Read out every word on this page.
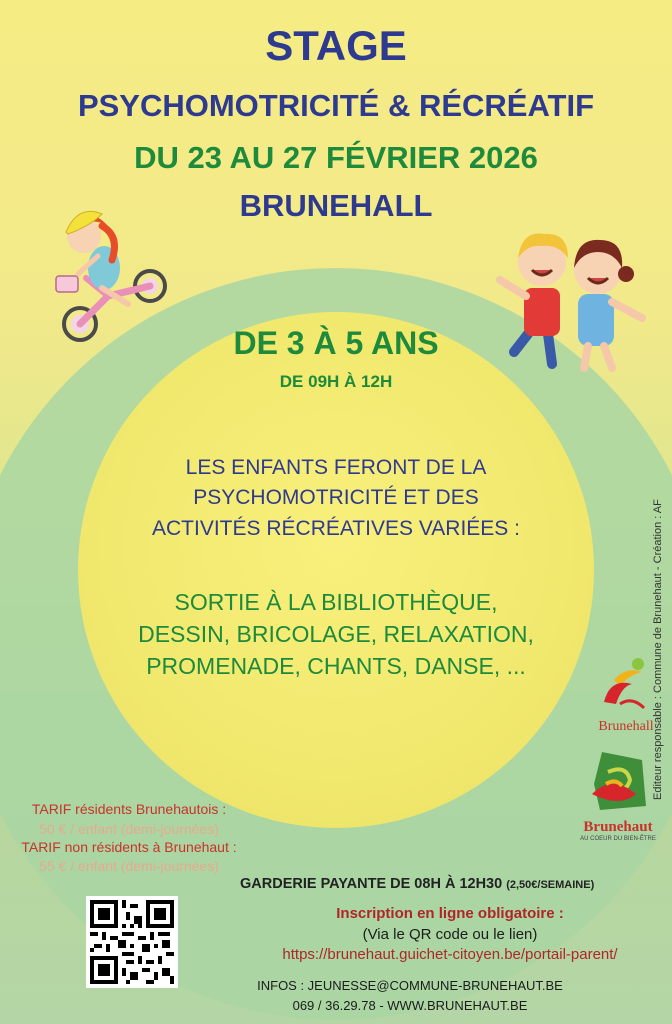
STAGE
PSYCHOMOTRICITÉ & RÉCRÉATIF
DU 23 AU 27 FÉVRIER 2026
BRUNEHALL
DE 3 À 5 ANS
DE 09H À 12H
LES ENFANTS FERONT DE LA
PSYCHOMOTRICITÉ ET DES
ACTIVITÉS RÉCRÉATIVES VARIÉES :
SORTIE À LA BIBLIOTHÈQUE,
DESSIN, BRICOLAGE, RELAXATION,
PROMENADE, CHANTS, DANSE, ...	Editeur responsable : Commune de Brunehaut - Création : AF
Brunehall
Brunehaut
AU COEUR DU BIEN-ÊTRE
TARIF résidents Brunehautois :
50 € / enfant (demi-journées)
TARIF non résidents à Brunehaut :
55 € / enfant (demi-journées)
GARDERIE PAYANTE DE 08H À 12H30 (2,50€/SEMAINE)
Inscription en ligne obligatoire :
(Via le QR code ou le lien)
https://brunehaut.guichet-citoyen.be/portail-parent/
INFOS : JEUNESSE@COMMUNE-BRUNEHAUT.BE
069 / 36.29.78 - WWW.BRUNEHAUT.BE
